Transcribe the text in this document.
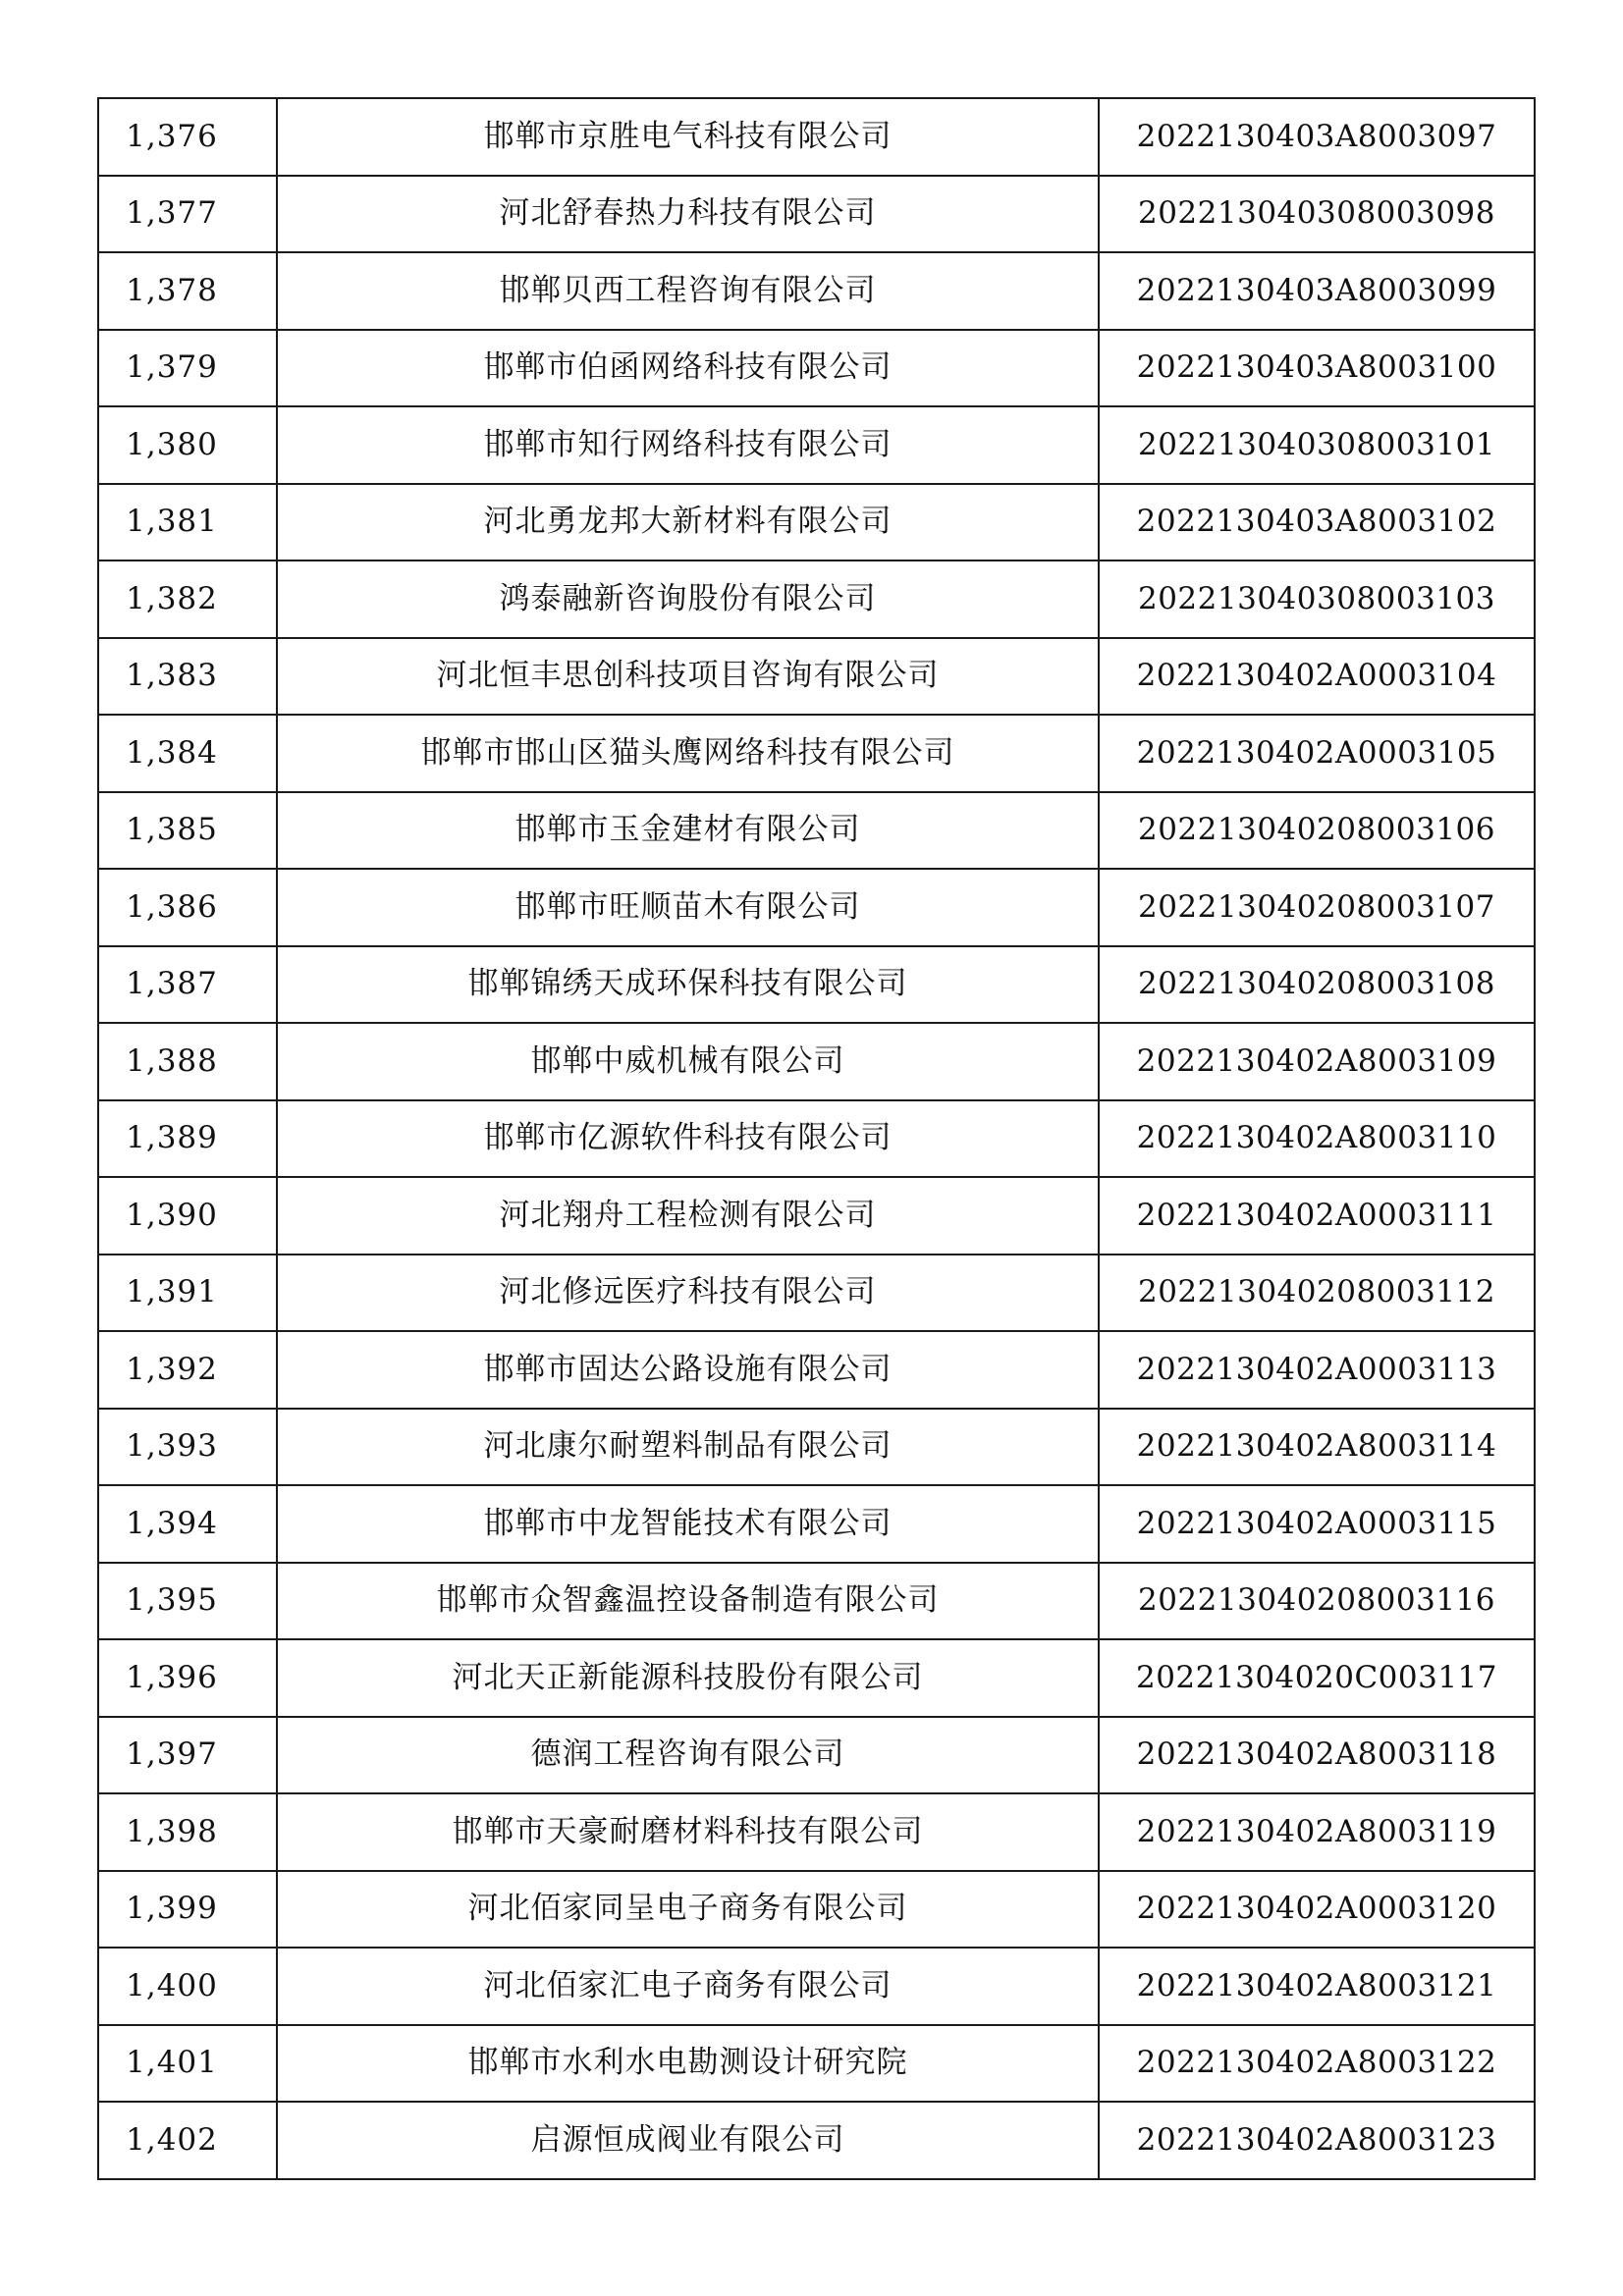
1,376	邯郸市京胜电气科技有限公司	2022130403A8003097
1,377	河北舒春热力科技有限公司	202213040308003098
1,378	邯郸贝西工程咨询有限公司	2022130403A8003099
1,379	邯郸市伯函网络科技有限公司	2022130403A8003100
1,380	邯郸市知行网络科技有限公司	202213040308003101
1,381	河北勇龙邦大新材料有限公司	2022130403A8003102
1,382	鸿泰融新咨询股份有限公司	202213040308003103
1,383	河北恒丰思创科技项目咨询有限公司	2022130402A0003104
1,384	邯郸市邯山区猫头鹰网络科技有限公司	2022130402A0003105
1,385	邯郸市玉金建材有限公司	202213040208003106
1,386	邯郸市旺顺苗木有限公司	202213040208003107
1,387	邯郸锦绣天成环保科技有限公司	202213040208003108
1,388	邯郸中威机械有限公司	2022130402A8003109
1,389	邯郸市亿源软件科技有限公司	2022130402A8003110
1,390	河北翔舟工程检测有限公司	2022130402A0003111
1,391	河北修远医疗科技有限公司	202213040208003112
1,392	邯郸市固达公路设施有限公司	2022130402A0003113
1,393	河北康尔耐塑料制品有限公司	2022130402A8003114
1,394	邯郸市中龙智能技术有限公司	2022130402A0003115
1,395	邯郸市众智鑫温控设备制造有限公司	202213040208003116
1,396	河北天正新能源科技股份有限公司	20221304020C003117
1,397	德润工程咨询有限公司	2022130402A8003118
1,398	邯郸市天豪耐磨材料科技有限公司	2022130402A8003119
1,399	河北佰家同呈电子商务有限公司	2022130402A0003120
1,400	河北佰家汇电子商务有限公司	2022130402A8003121
1,401	邯郸市水利水电勘测设计研究院	2022130402A8003122
1,402	启源恒成阀业有限公司	2022130402A8003123
